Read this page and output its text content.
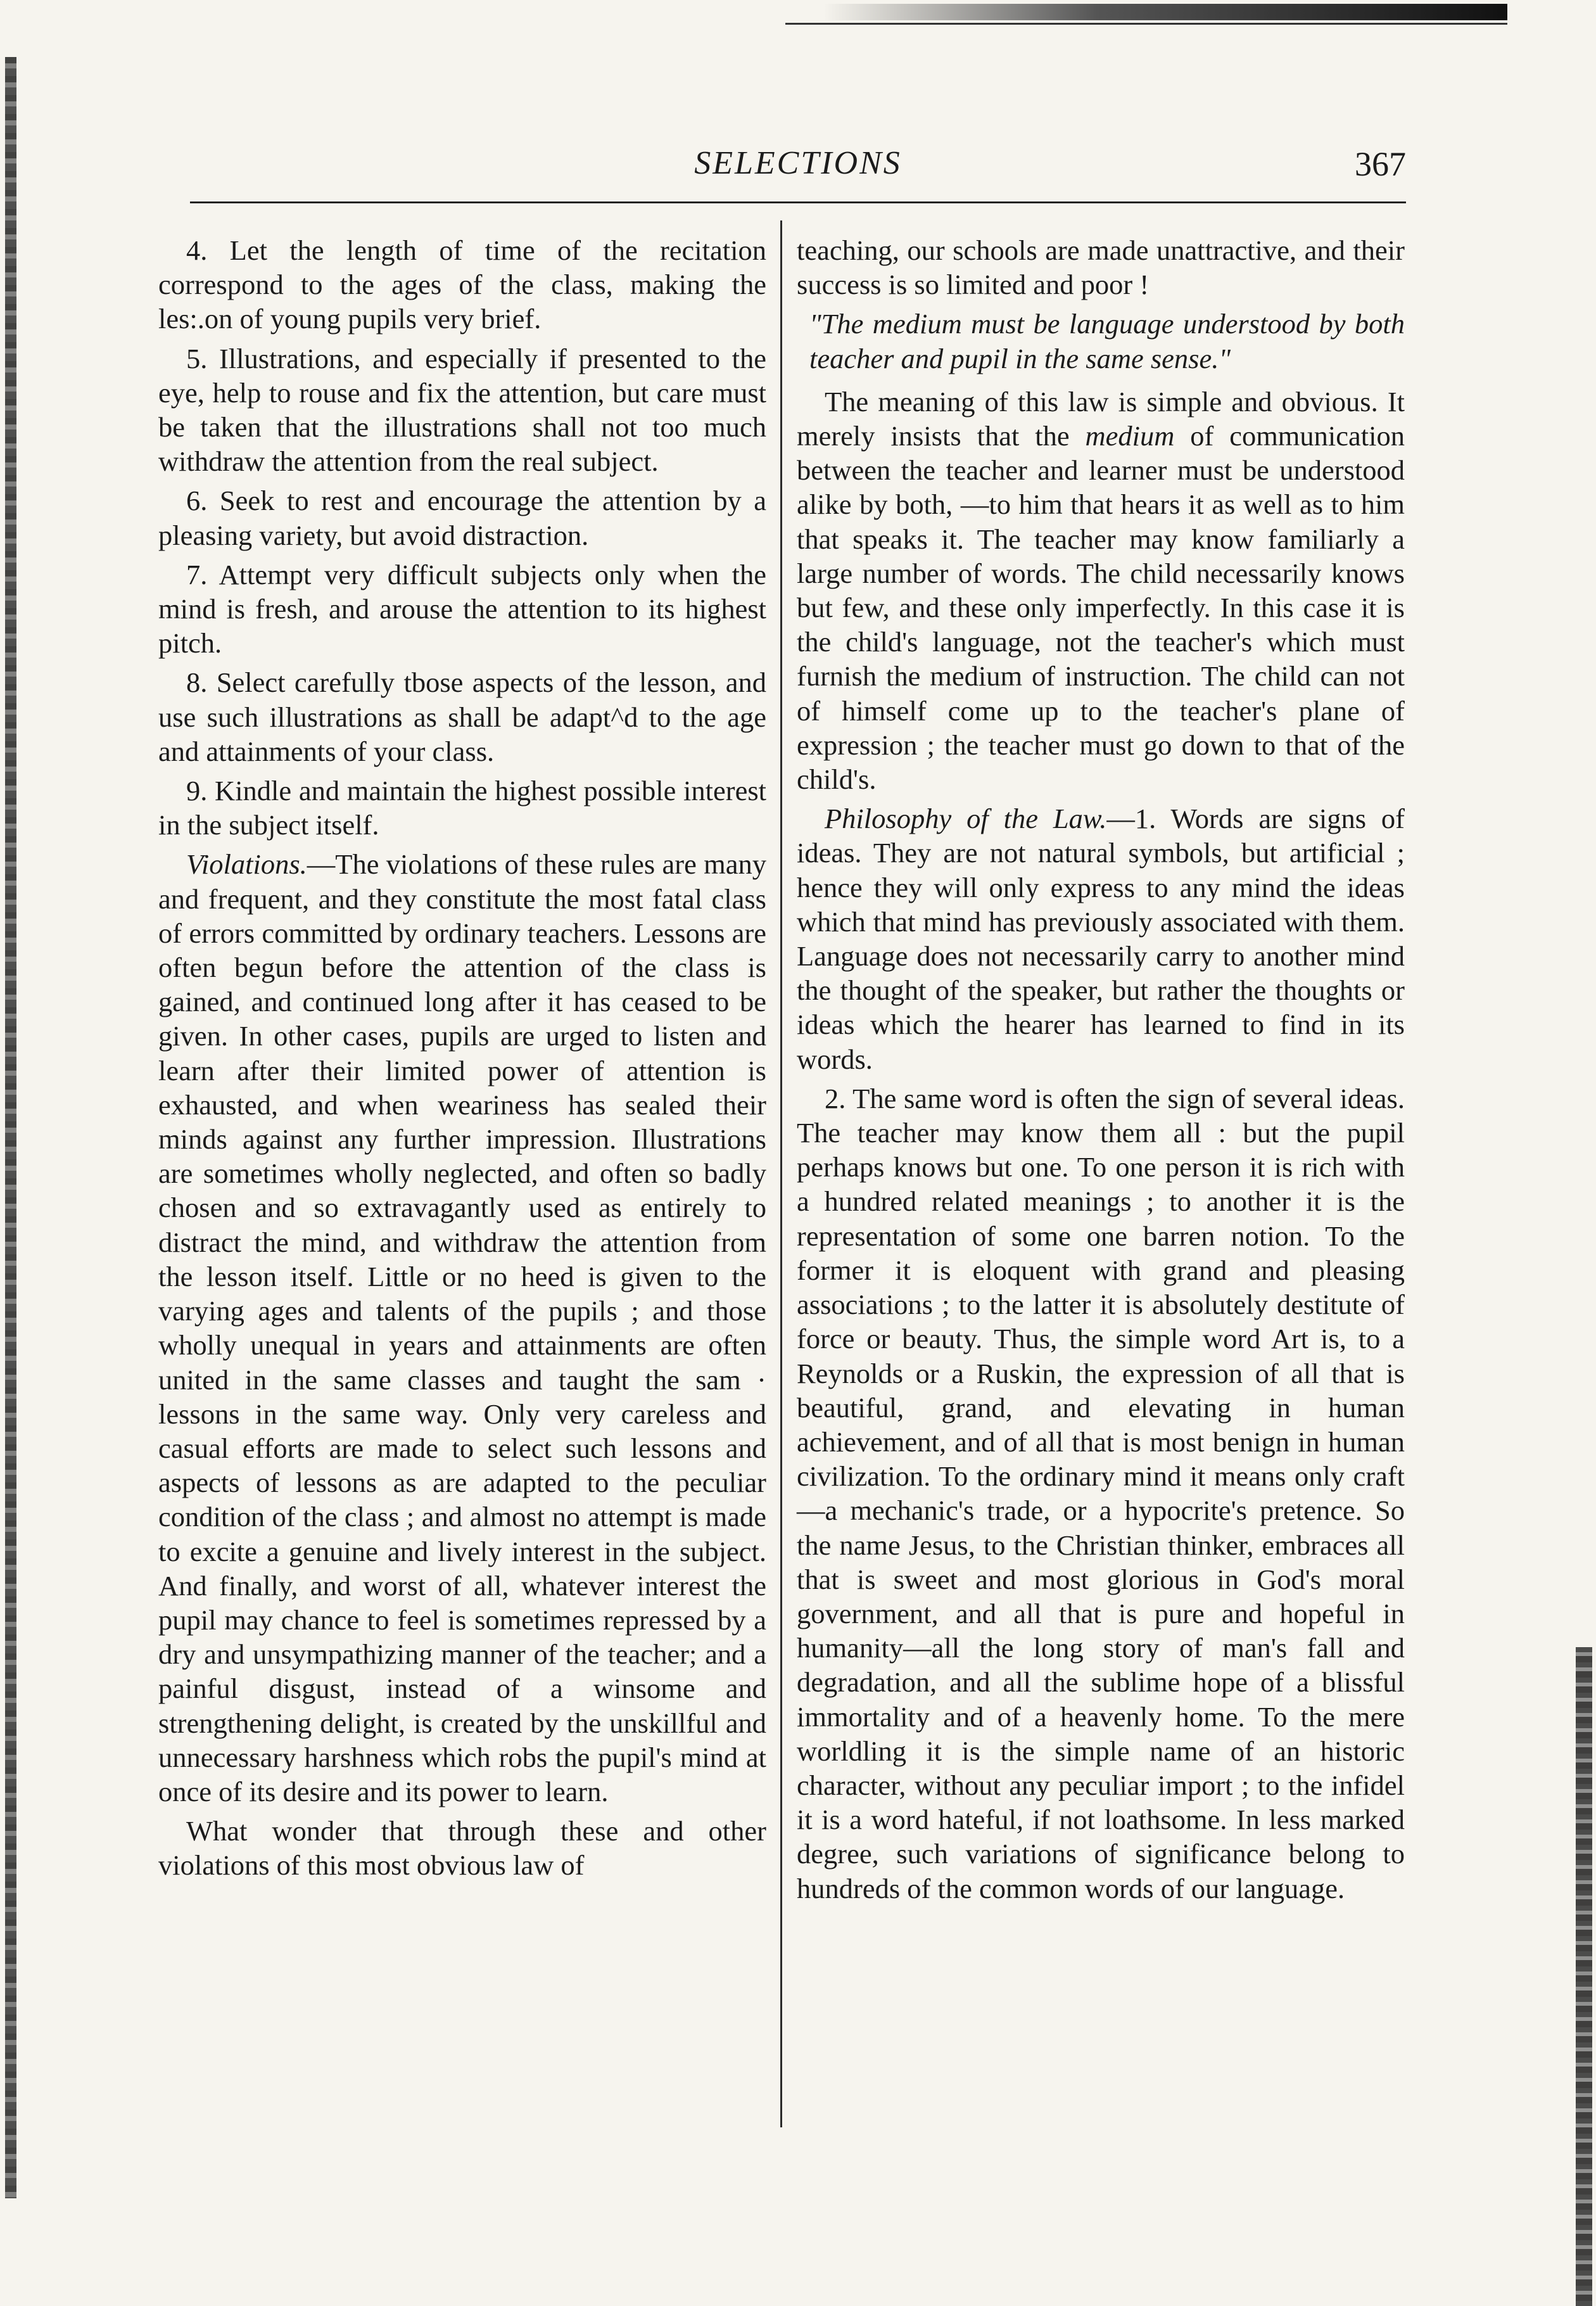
SELECTIONS	367

4. Let the length of time of the recitation correspond to the ages of the class, making the les:.on of young pupils very brief.

5. Illustrations, and especially if presented to the eye, help to rouse and fix the attention, but care must be taken that the illustrations shall not too much withdraw the attention from the real subject.

6. Seek to rest and encourage the attention by a pleasing variety, but avoid distraction.

7. Attempt very difficult subjects only when the mind is fresh, and arouse the attention to its highest pitch.

8. Select carefully tbose aspects of the lesson, and use such illustrations as shall be adapt^d to the age and attainments of your class.

9. Kindle and maintain the highest possible interest in the subject itself.

Violations.—The violations of these rules are many and frequent, and they constitute the most fatal class of errors committed by ordinary teachers. Lessons are often begun before the attention of the class is gained, and continued long after it has ceased to be given. In other cases, pupils are urged to listen and learn after their limited power of attention is exhausted, and when weariness has sealed their minds against any further impression. Illustrations are sometimes wholly neglected, and often so badly chosen and so extravagantly used as entirely to distract the mind, and withdraw the attention from the lesson itself. Little or no heed is given to the varying ages and talents of the pupils ; and those wholly unequal in years and attainments are often united in the same classes and taught the sam · lessons in the same way. Only very careless and casual efforts are made to select such lessons and aspects of lessons as are adapted to the peculiar condition of the class ; and almost no attempt is made to excite a genuine and lively interest in the subject. And finally, and worst of all, whatever interest the pupil may chance to feel is sometimes repressed by a dry and unsympathizing manner of the teacher; and a painful disgust, instead of a winsome and strengthening delight, is created by the unskillful and unnecessary harshness which robs the pupil's mind at once of its desire and its power to learn.

What wonder that through these and other violations of this most obvious law of

teaching, our schools are made unattractive, and their success is so limited and poor !

"The medium must be language understood by both teacher and pupil in the same sense."

The meaning of this law is simple and obvious. It merely insists that the medium of communication between the teacher and learner must be understood alike by both, —to him that hears it as well as to him that speaks it. The teacher may know familiarly a large number of words. The child necessarily knows but few, and these only imperfectly. In this case it is the child's language, not the teacher's which must furnish the medium of instruction. The child can not of himself come up to the teacher's plane of expression ; the teacher must go down to that of the child's.

Philosophy of the Law.—1. Words are signs of ideas. They are not natural symbols, but artificial ; hence they will only express to any mind the ideas which that mind has previously associated with them. Language does not necessarily carry to another mind the thought of the speaker, but rather the thoughts or ideas which the hearer has learned to find in its words.

2. The same word is often the sign of several ideas. The teacher may know them all : but the pupil perhaps knows but one. To one person it is rich with a hundred related meanings ; to another it is the representation of some one barren notion. To the former it is eloquent with grand and pleasing associations ; to the latter it is absolutely destitute of force or beauty. Thus, the simple word Art is, to a Reynolds or a Ruskin, the expression of all that is beautiful, grand, and elevating in human achievement, and of all that is most benign in human civilization. To the ordinary mind it means only craft—a mechanic's trade, or a hypocrite's pretence. So the name Jesus, to the Christian thinker, embraces all that is sweet and most glorious in God's moral government, and all that is pure and hopeful in humanity—all the long story of man's fall and degradation, and all the sublime hope of a blissful immortality and of a heavenly home. To the mere worldling it is the simple name of an historic character, without any peculiar import ; to the infidel it is a word hateful, if not loathsome. In less marked degree, such variations of significance belong to hundreds of the common words of our language.
